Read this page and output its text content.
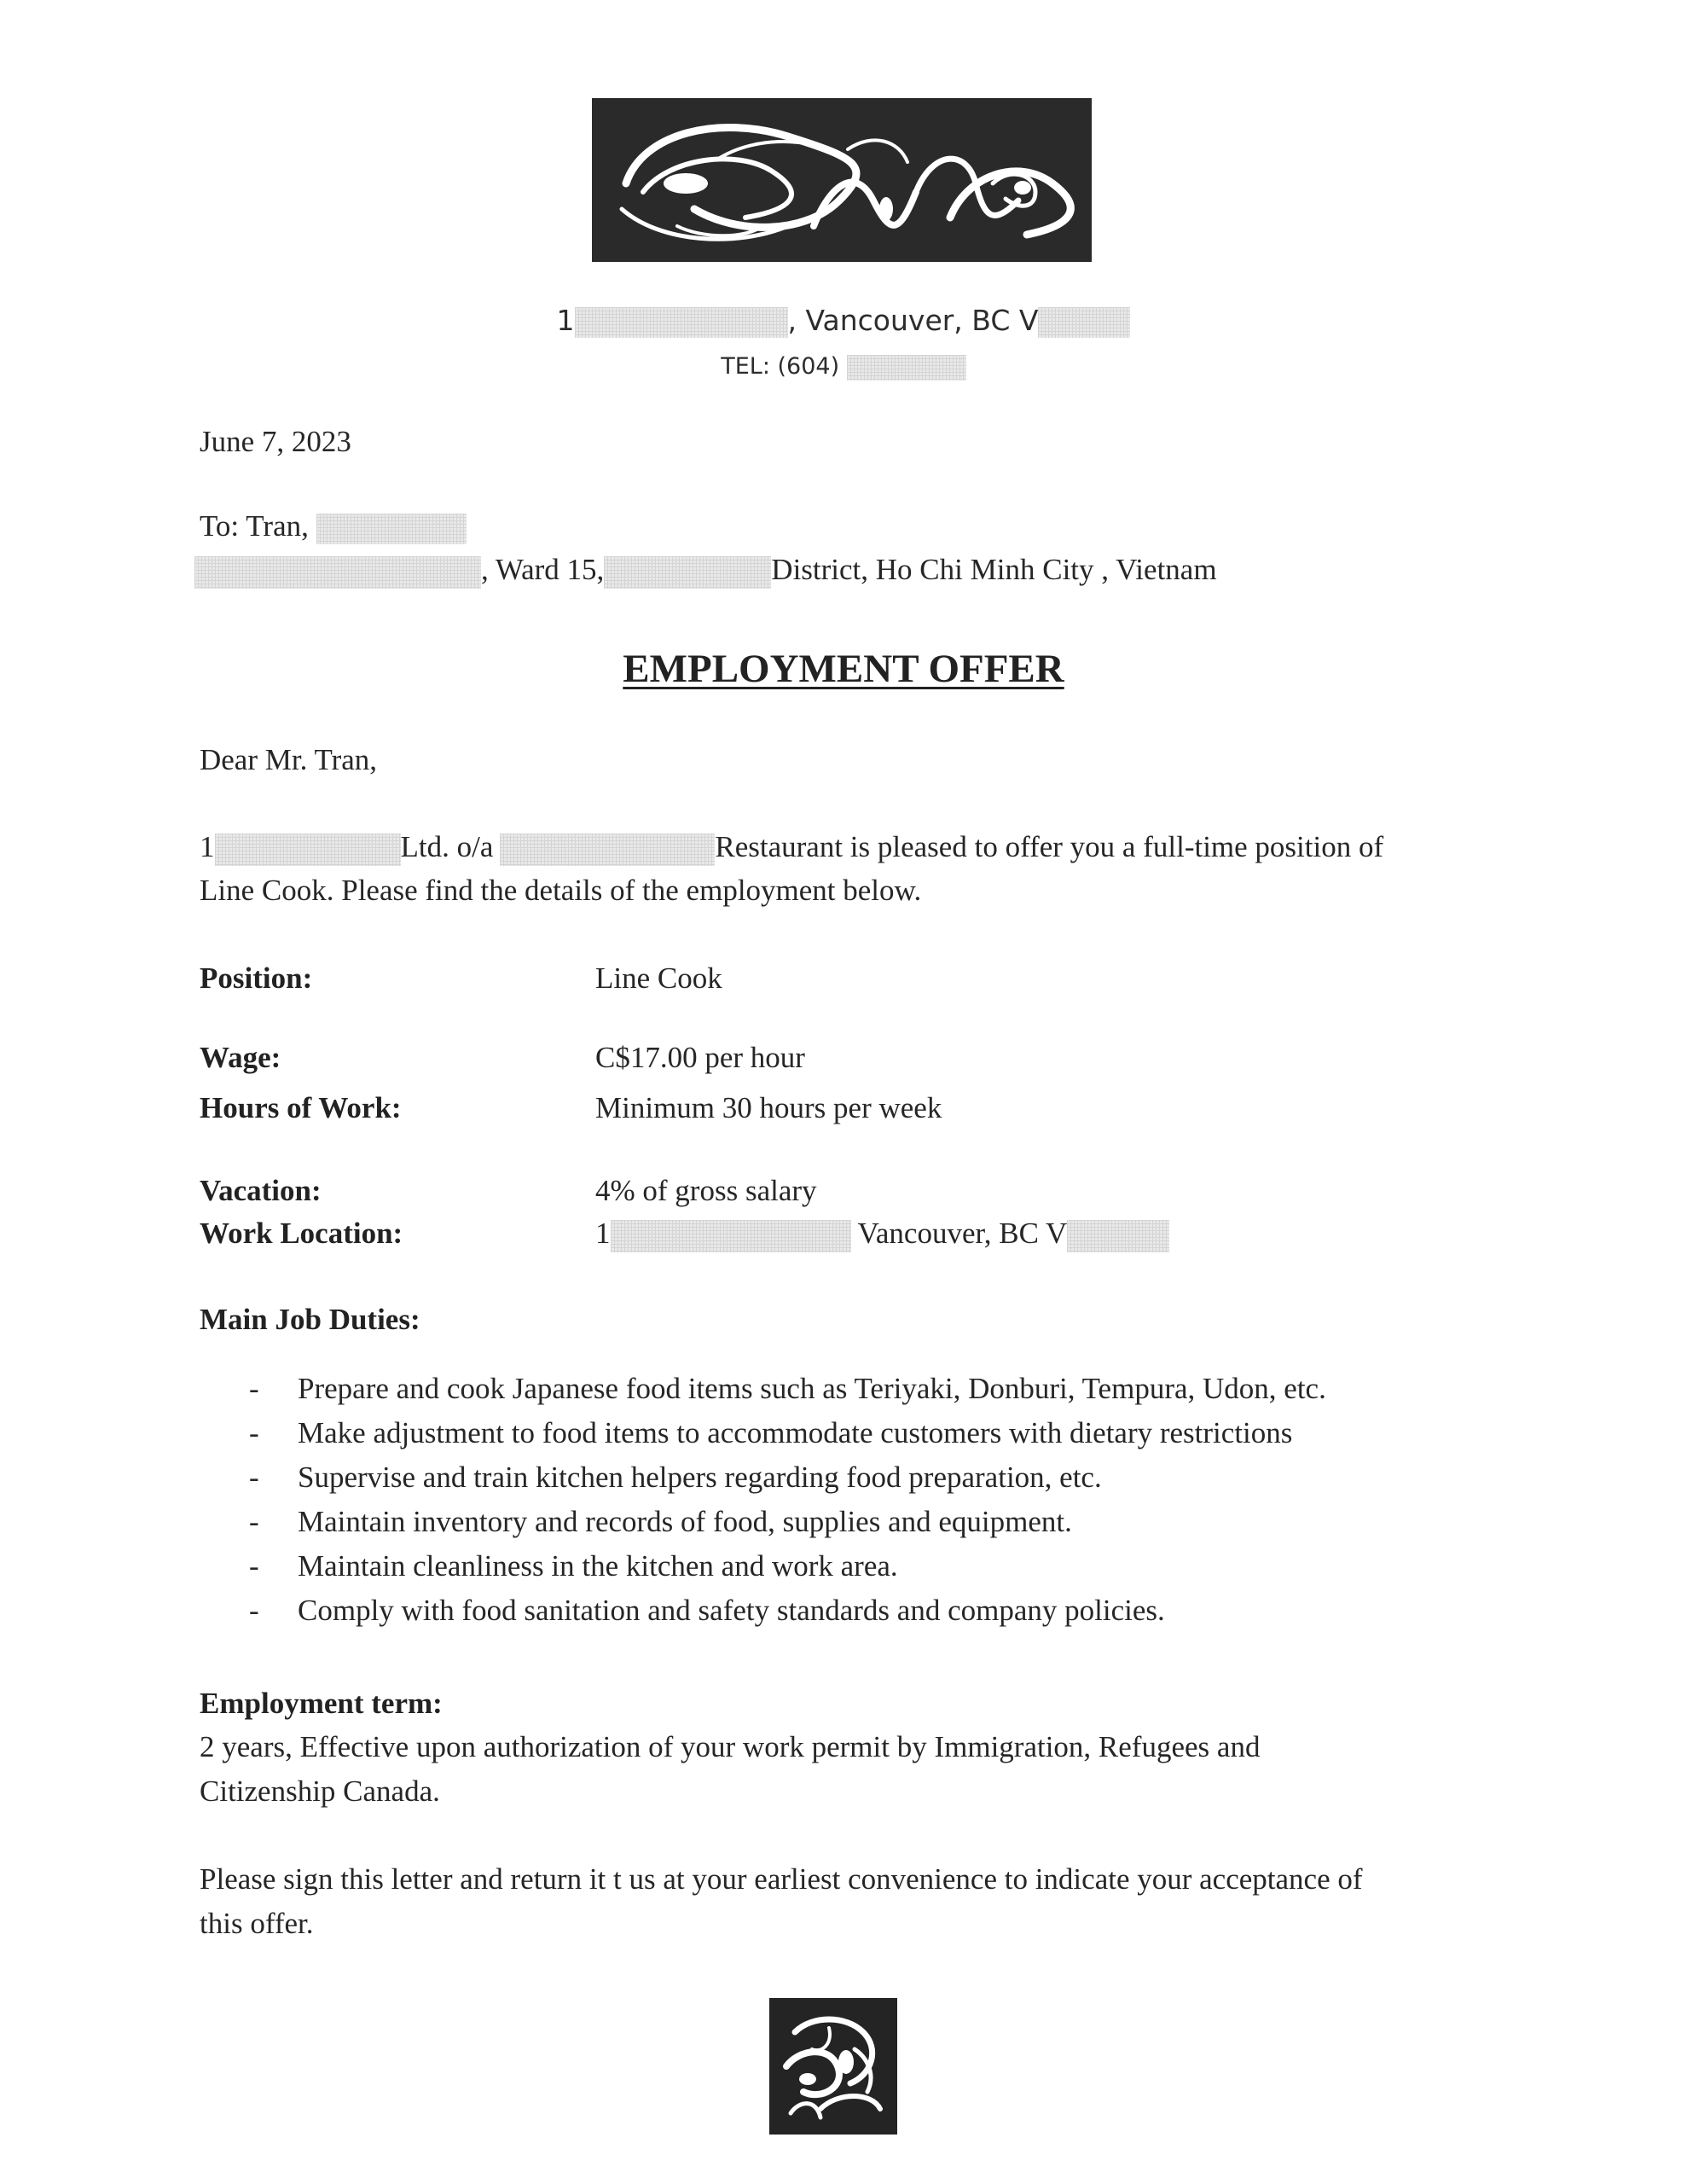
1	, Vancouver, BC V
TEL: (604)
June 7, 2023
To: Tran,
, Ward 15,	District, Ho Chi Minh City , Vietnam
EMPLOYMENT OFFER
Dear Mr. Tran,
1	Ltd. o/a	Restaurant is pleased to offer you a full-time position of
Line Cook. Please find the details of the employment below.
Position:	Line Cook
Wage:	C$17.00 per hour
Hours of Work:	Minimum 30 hours per week
Vacation:	4% of gross salary
Work Location:	1	Vancouver, BC V
Main Job Duties:
- Prepare and cook Japanese food items such as Teriyaki, Donburi, Tempura, Udon, etc.
- Make adjustment to food items to accommodate customers with dietary restrictions
- Supervise and train kitchen helpers regarding food preparation, etc.
- Maintain inventory and records of food, supplies and equipment.
- Maintain cleanliness in the kitchen and work area.
- Comply with food sanitation and safety standards and company policies.
Employment term:
2 years, Effective upon authorization of your work permit by Immigration, Refugees and
Citizenship Canada.
Please sign this letter and return it t us at your earliest convenience to indicate your acceptance of
this offer.
